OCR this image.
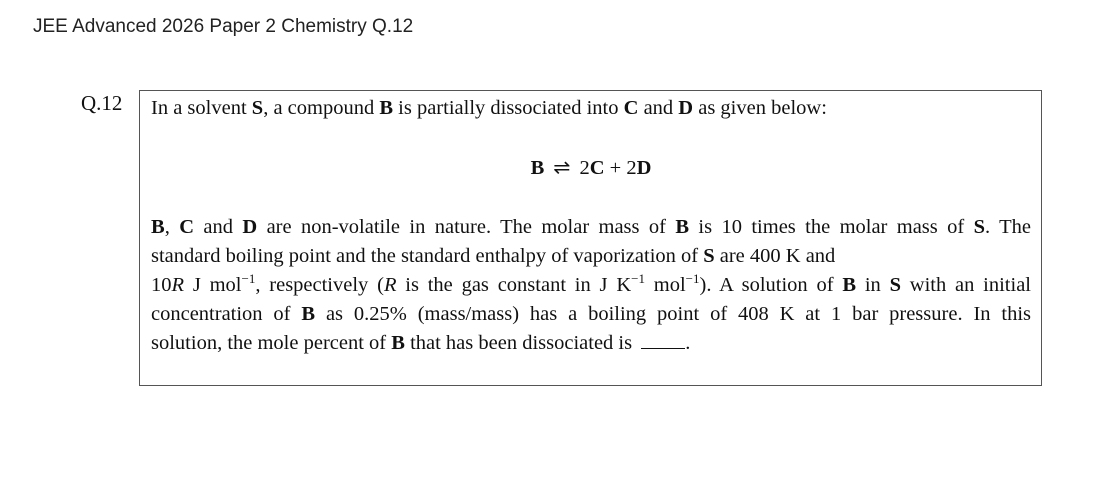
JEE Advanced 2026 Paper 2 Chemistry Q.12
Q.12 In a solvent S, a compound B is partially dissociated into C and D as given below:
B ⇌ 2C + 2D
B, C and D are non-volatile in nature. The molar mass of B is 10 times the molar mass of S. The
standard boiling point and the standard enthalpy of vaporization of S are 400 K and
10R J mol$^{-1}$, respectively (R is the gas constant in J $K^{-1}$ mol$^{-1}$). A solution of B in S with an initial
concentration of B as 0.25% (mass/mass) has a boiling point of 408 K at 1 bar pressure. In this
solution, the mole percent of B that has been dissociated is .
